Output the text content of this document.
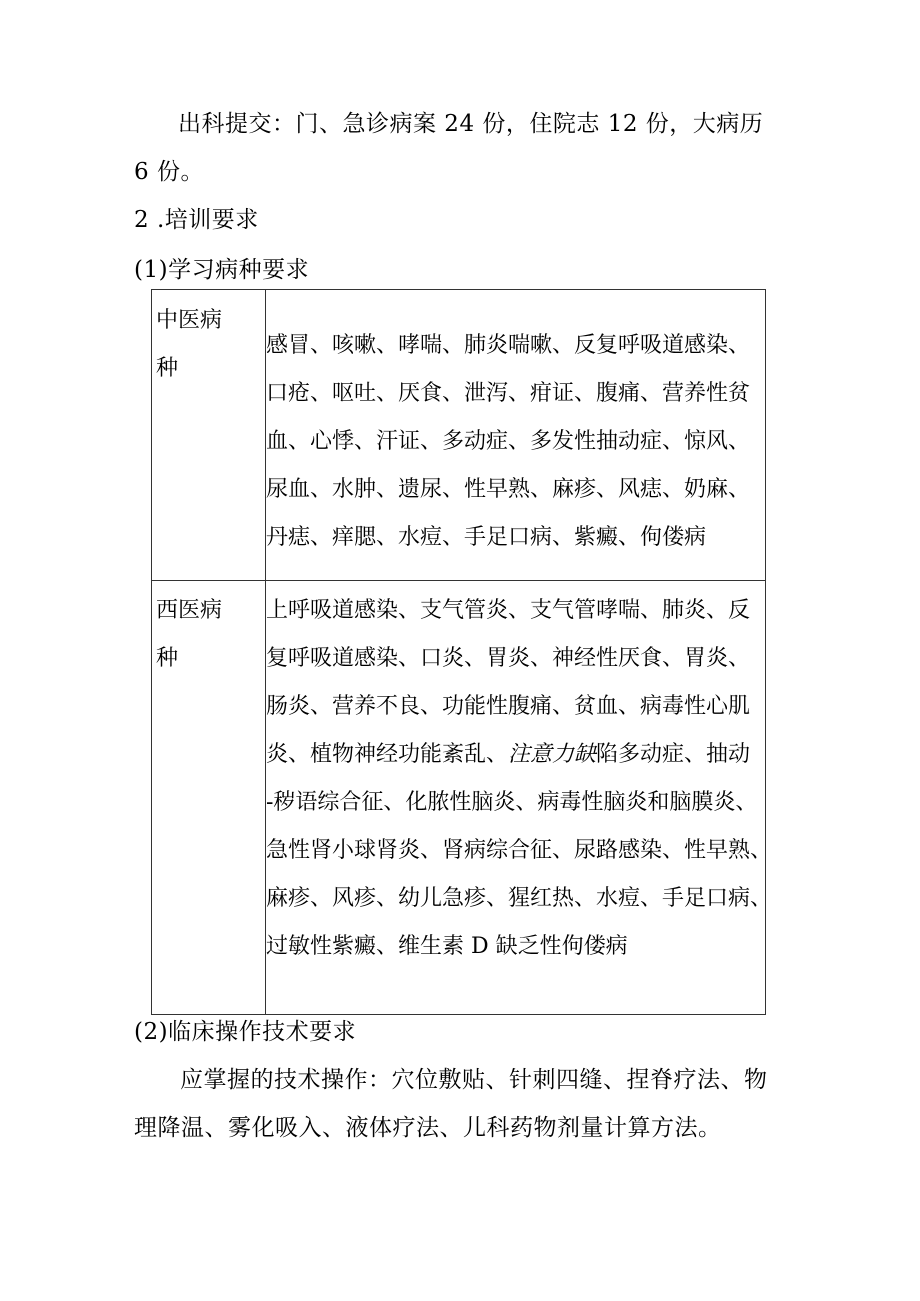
出科提交：门、急诊病案 24 份，住院志 12 份，大病历
6 份。
2 .培训要求
(1)学习病种要求
中医病
种
感冒、咳嗽、哮喘、肺炎喘嗽、反复呼吸道感染、
口疮、呕吐、厌食、泄泻、疳证、腹痛、营养性贫
血、心悸、汗证、多动症、多发性抽动症、惊风、
尿血、水肿、遗尿、性早熟、麻疹、风痣、奶麻、
丹痣、痒腮、水痘、手足口病、紫癜、佝偻病
西医病
种
上呼吸道感染、支气管炎、支气管哮喘、肺炎、反
复呼吸道感染、口炎、胃炎、神经性厌食、胃炎、
肠炎、营养不良、功能性腹痛、贫血、病毒性心肌
炎、植物神经功能紊乱、注意力缺陷多动症、抽动
-秽语综合征、化脓性脑炎、病毒性脑炎和脑膜炎、
急性肾小球肾炎、肾病综合征、尿路感染、性早熟、
麻疹、风疹、幼儿急疹、猩红热、水痘、手足口病、
过敏性紫癜、维生素 D 缺乏性佝偻病
(2)临床操作技术要求
应掌握的技术操作：穴位敷贴、针刺四缝、捏脊疗法、物
理降温、雾化吸入、液体疗法、儿科药物剂量计算方法。
